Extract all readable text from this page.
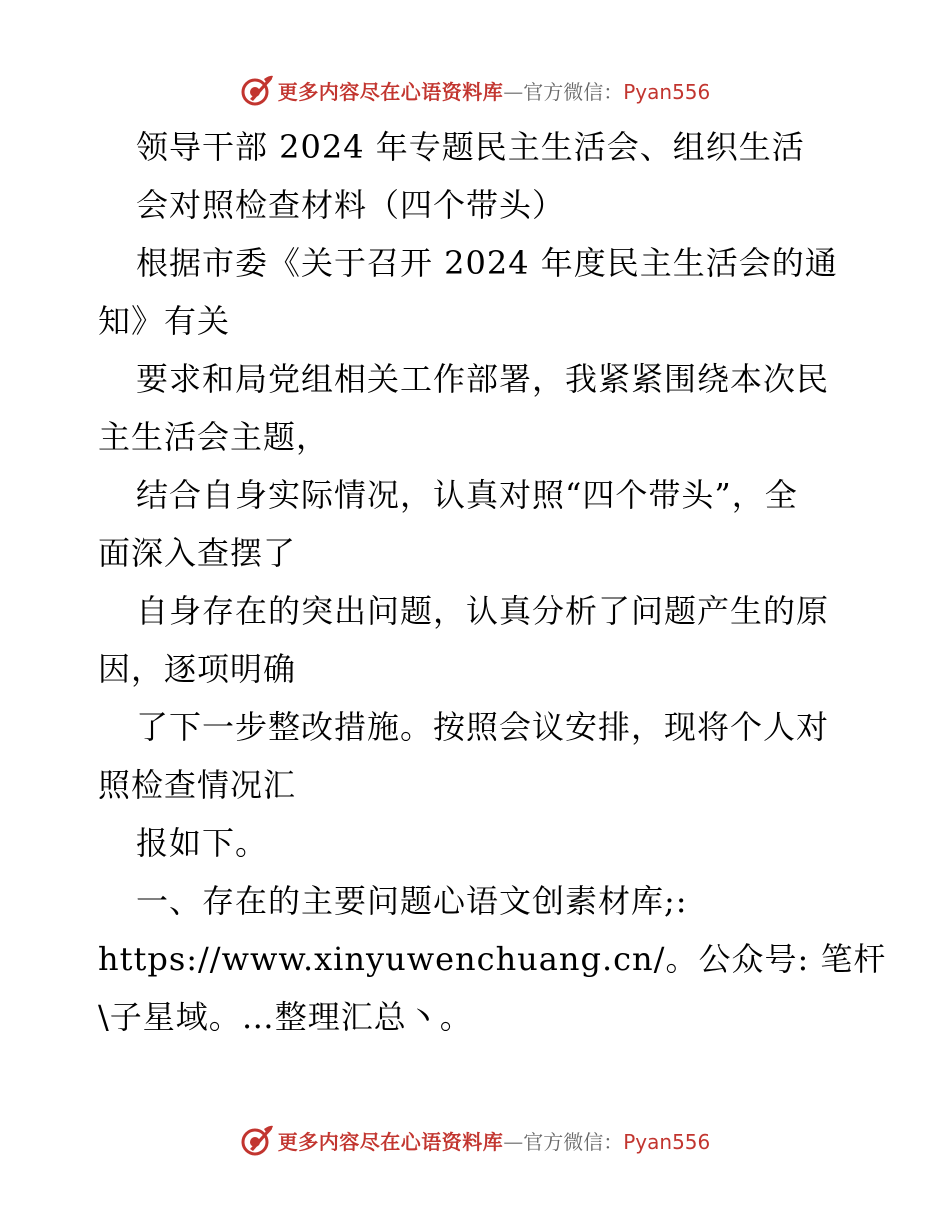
更多内容尽在心语资料库—官方微信：Pyan556
领导干部 2024 年专题民主生活会、组织生活
会对照检查材料（四个带头）
根据市委《关于召开 2024 年度民主生活会的通
知》有关
要求和局党组相关工作部署，我紧紧围绕本次民
主生活会主题，
结合自身实际情况，认真对照“四个带头”，全
面深入查摆了
自身存在的突出问题，认真分析了问题产生的原
因，逐项明确
了下一步整改措施。按照会议安排，现将个人对
照检查情况汇
报如下。
一、存在的主要问题心语文创素材库;:
https://www.xinyuwenchuang.cn/。公众号: 笔杆
\子星域。…整理汇总丶。
更多内容尽在心语资料库—官方微信：Pyan556
